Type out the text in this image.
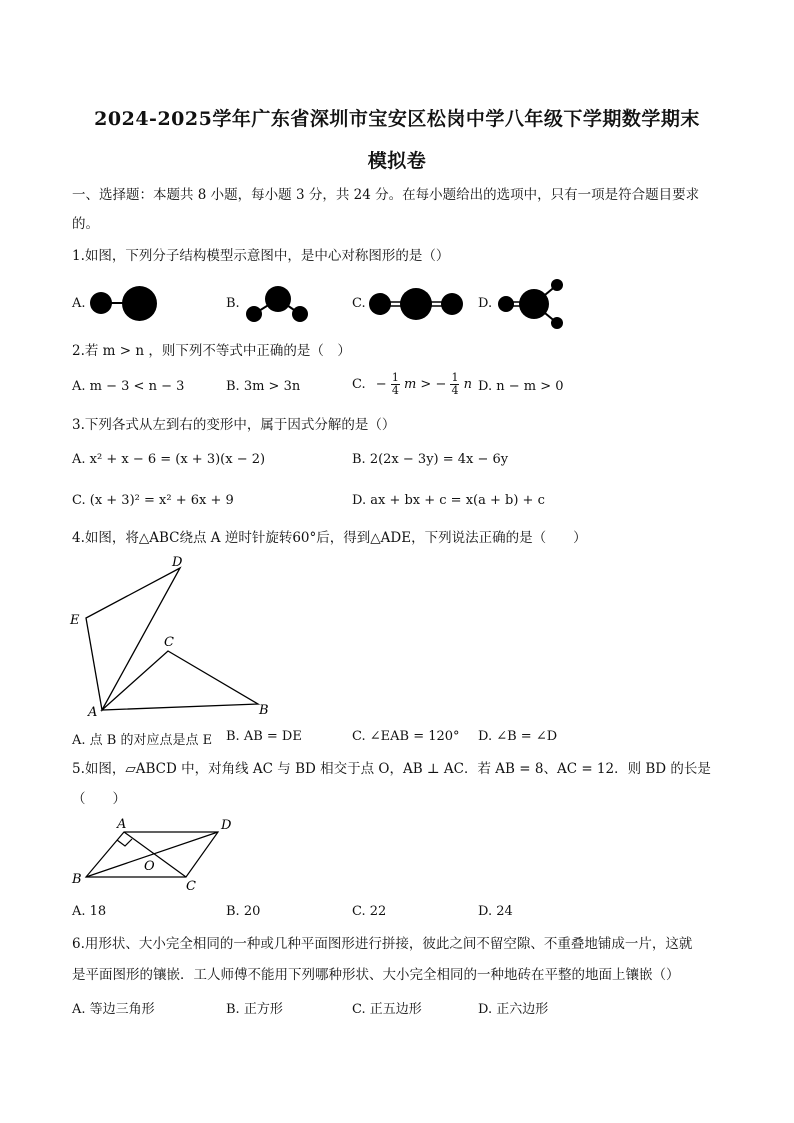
2024-2025学年广东省深圳市宝安区松岗中学八年级下学期数学期末
模拟卷
一、选择题：本题共 8 小题，每小题 3 分，共 24 分。在每小题给出的选项中，只有一项是符合题目要求
的。
1.如图，下列分子结构模型示意图中，是中心对称图形的是（）
A.	B.	C.	D.
2.若 m > n ，则下列不等式中正确的是（　）
A. m − 3 < n − 3	B. 3m > 3n	C. − $\frac{1}{4}$ m > − $\frac{1}{4}$ n D. n − m > 0
3.下列各式从左到右的变形中，属于因式分解的是（）
A. x² + x − 6 = (x + 3)(x − 2)	B. 2(2x − 3y) = 4x − 6y
C. (x + 3)² = x² + 6x + 9	D. ax + bx + c = x(a + b) + c
4.如图，将△ABC绕点 A 逆时针旋转60°后，得到△ADE，下列说法正确的是（　　）
D
E
C
A	B
A. 点 B 的对应点是点 E B. AB = DE	C. ∠EAB = 120° D. ∠B = ∠D
5.如图，▱ABCD 中，对角线 AC 与 BD 相交于点 O，AB ⊥ AC．若 AB = 8、AC = 12．则 BD 的长是
（　　）
A	D
O
B	C
A. 18	B. 20	C. 22	D. 24
6.用形状、大小完全相同的一种或几种平面图形进行拼接，彼此之间不留空隙、不重叠地铺成一片，这就
是平面图形的镶嵌．工人师傅不能用下列哪种形状、大小完全相同的一种地砖在平整的地面上镶嵌（）
A. 等边三角形	B. 正方形	C. 正五边形	D. 正六边形
